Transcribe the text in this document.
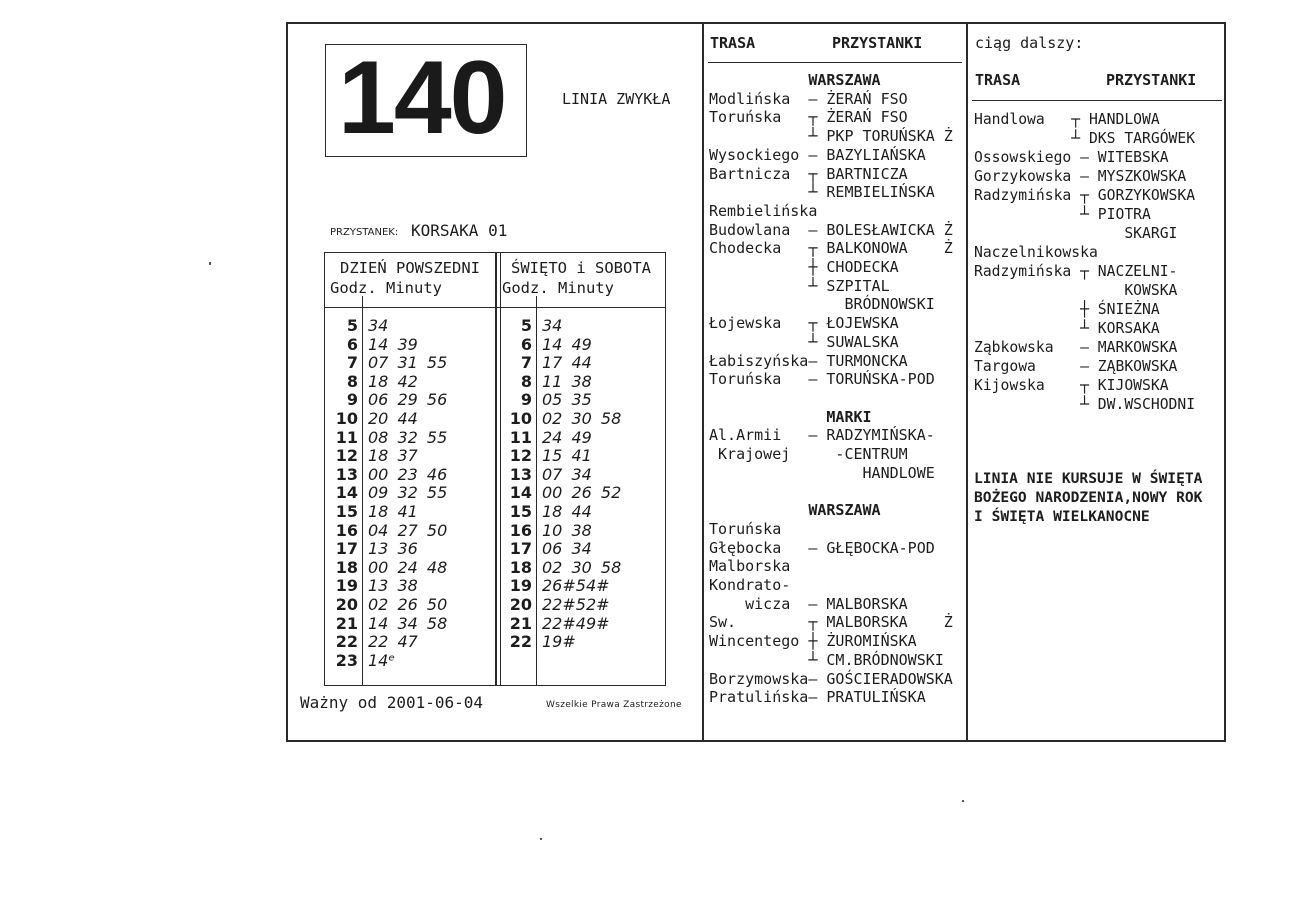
140	LINIA ZWYKŁA
PRZYSTANEK: KORSAKA 01
DZIEŃ POWSZEDNI
Godz. Minuty
5 34
6 14 39
7 07 31 55
8 18 42
9 06 29 56
10 20 44
11 08 32 55
12 18 37
13 00 23 46
14 09 32 55
15 18 41
16 04 27 50
17 13 36
18 00 24 48
19 13 38
20 02 26 50
21 14 34 58
22 22 47
23 14ᵉ
ŚWIĘTO i SOBOTA
Godz. Minuty
5 34
6 14 49
7 17 44
8 11 38
9 05 35
10 02 30 58
11 24 49
12 15 41
13 07 34
14 00 26 52
15 18 44
16 10 38
17 06 34
18 02 30 58
19 26#54#
20 22#52#
21 22#49#
22 19#
Ważny od 2001-06-04	Wszelkie Prawa Zastrzeżone
TRASA	PRZYSTANKI
WARSZAWA
Modlińska  – ŻERAŃ FSO
Toruńska   ┬ ŻERAŃ FSO
┴ PKP TORUŃSKA Ż
Wysockiego – BAZYLIAŃSKA
Bartnicza  ┬ BARTNICZA
┴ REMBIELIŃSKA
Rembielińska
Budowlana  – BOLESŁAWICKA Ż
Chodecka   ┬ BALKONOWA    Ż
┼ CHODECKA
┴ SZPITAL
BRÓDNOWSKI
Łojewska   ┬ ŁOJEWSKA
┴ SUWALSKA
Łabiszyńska– TURMONCKA
Toruńska   – TORUŃSKA-POD

MARKI
Al.Armii   – RADZYMIŃSKA-
Krajowej     -CENTRUM
HANDLOWE

WARSZAWA
Toruńska
Głębocka   – GŁĘBOCKA-POD
Malborska
Kondrato-
wicza  – MALBORSKA
Sw.        ┬ MALBORSKA    Ż
Wincentego ┼ ŻUROMIŃSKA
┴ CM.BRÓDNOWSKI
Borzymowska– GOŚCIERADOWSKA
Pratulińska– PRATULIŃSKA
ciąg dalszy:
TRASA	PRZYSTANKI
Handlowa   ┬ HANDLOWA
┴ DKS TARGÓWEK
Ossowskiego – WITEBSKA
Gorzykowska – MYSZKOWSKA
Radzymińska ┬ GORZYKOWSKA
┴ PIOTRA
SKARGI
Naczelnikowska
Radzymińska ┬ NACZELNI-
KOWSKA
┼ ŚNIEŻNA
┴ KORSAKA
Ząbkowska   – MARKOWSKA
Targowa     – ZĄBKOWSKA
Kijowska    ┬ KIJOWSKA
┴ DW.WSCHODNI
LINIA NIE KURSUJE W ŚWIĘTA
BOŻEGO NARODZENIA,NOWY ROK
I ŚWIĘTA WIELKANOCNE
